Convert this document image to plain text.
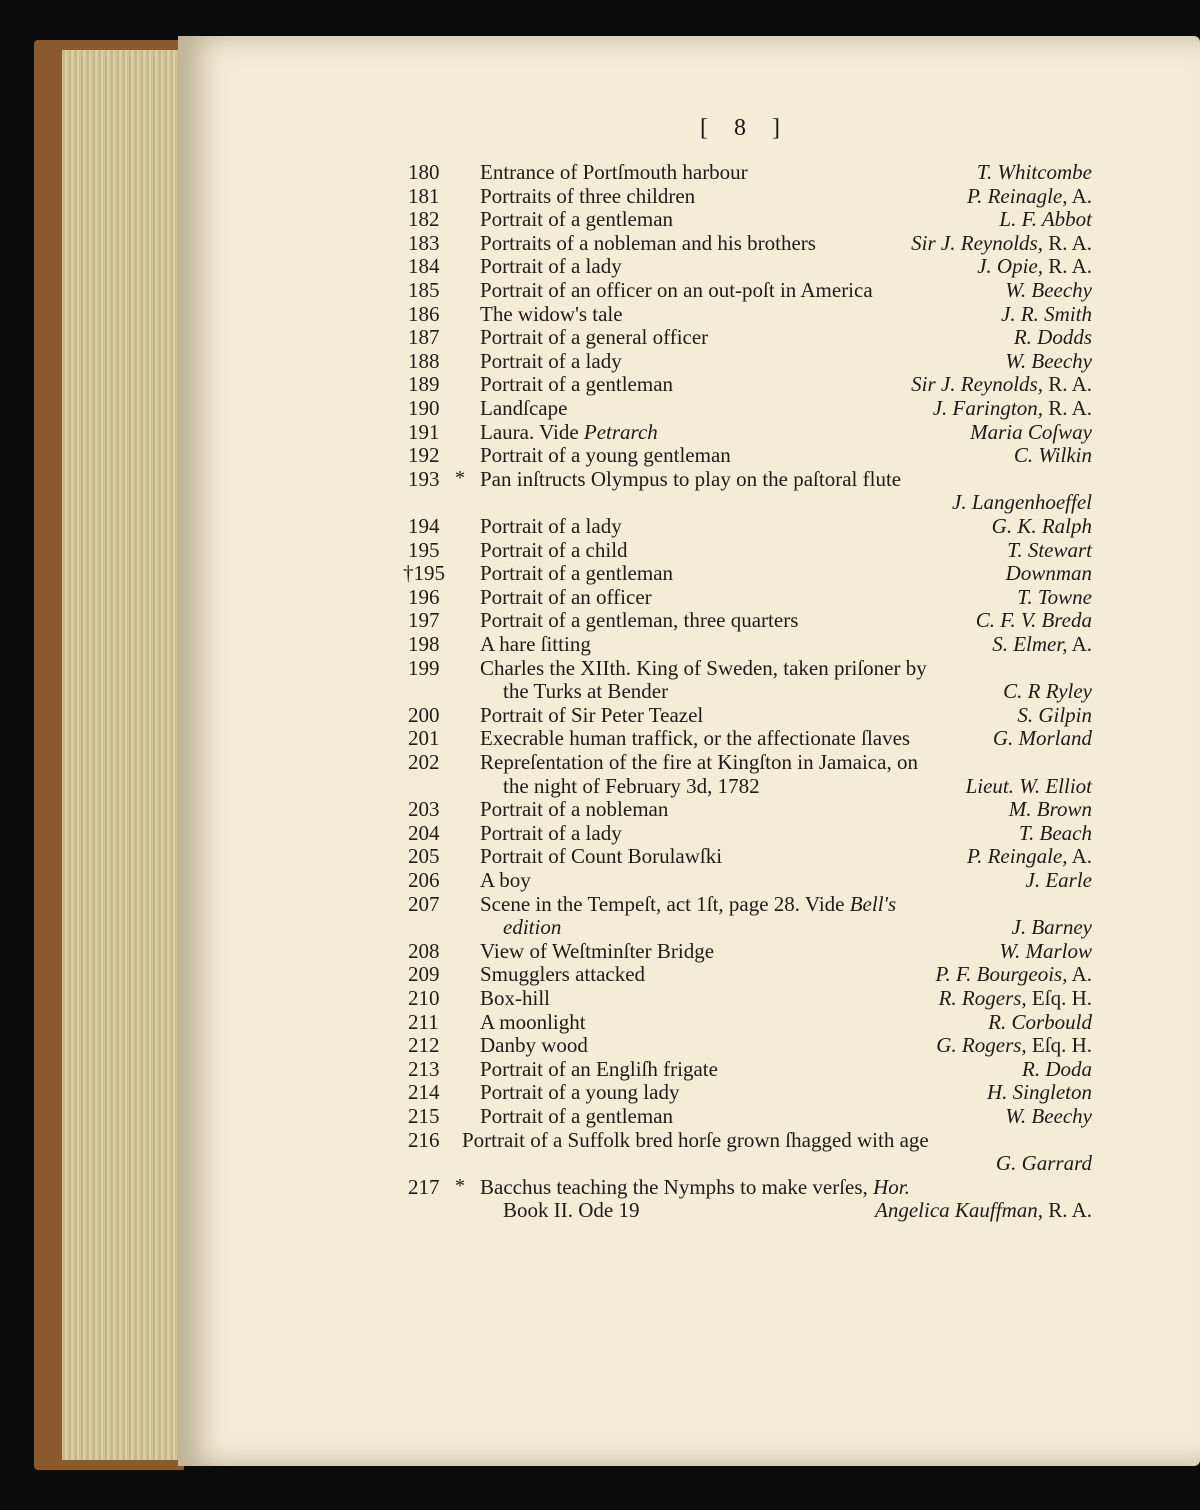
[ 8 ]
180 Entrance of Portſmouth harbour	T. Whitcombe
181 Portraits of three children	P. Reinagle, A.
182 Portrait of a gentleman	L. F. Abbot
183 Portraits of a nobleman and his brothers	Sir J. Reynolds, R. A.
184 Portrait of a lady	J. Opie, R. A.
185 Portrait of an officer on an out-poſt in America	W. Beechy
186 The widow's tale	J. R. Smith
187 Portrait of a general officer	R. Dodds
188 Portrait of a lady	W. Beechy
189 Portrait of a gentleman	Sir J. Reynolds, R. A.
190 Landſcape	J. Farington, R. A.
191 Laura. Vide Petrarch	Maria Coſway
192 Portrait of a young gentleman	C. Wilkin
193 * Pan inſtructs Olympus to play on the paſtoral flute
J. Langenhoeffel
194 Portrait of a lady	G. K. Ralph
195 Portrait of a child	T. Stewart
†195 Portrait of a gentleman	Downman
196 Portrait of an officer	T. Towne
197 Portrait of a gentleman, three quarters	C. F. V. Breda
198 A hare ſitting	S. Elmer, A.
199 Charles the XIIth. King of Sweden, taken priſoner by
the Turks at Bender	C. R Ryley
200 Portrait of Sir Peter Teazel	S. Gilpin
201 Execrable human traffick, or the affectionate ſlaves	G. Morland
202 Repreſentation of the fire at Kingſton in Jamaica, on
the night of February 3d, 1782	Lieut. W. Elliot
203 Portrait of a nobleman	M. Brown
204 Portrait of a lady	T. Beach
205 Portrait of Count Borulawſki	P. Reingale, A.
206 A boy	J. Earle
207 Scene in the Tempeſt, act 1ſt, page 28. Vide Bell's
edition	J. Barney
208 View of Weſtminſter Bridge	W. Marlow
209 Smugglers attacked	P. F. Bourgeois, A.
210 Box-hill	R. Rogers, Eſq. H.
211 A moonlight	R. Corbould
212 Danby wood	G. Rogers, Eſq. H.
213 Portrait of an Engliſh frigate	R. Doda
214 Portrait of a young lady	H. Singleton
215 Portrait of a gentleman	W. Beechy
216 Portrait of a Suffolk bred horſe grown ſhagged with age
G. Garrard
217 * Bacchus teaching the Nymphs to make verſes, Hor.
Book II. Ode 19	Angelica Kauffman, R. A.
